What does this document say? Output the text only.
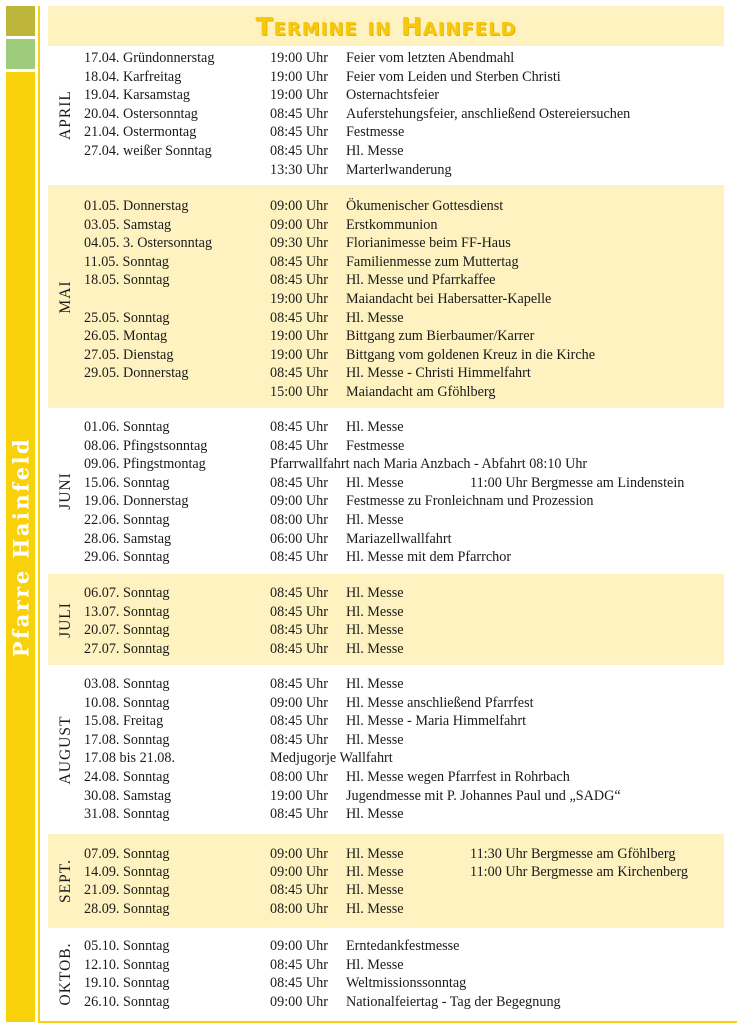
Pfarre Hainfeld
Termine in Hainfeld
APRIL
17.04. Gründonnerstag	19:00 Uhr Feier vom letzten Abendmahl
18.04. Karfreitag	19:00 Uhr Feier vom Leiden und Sterben Christi
19.04. Karsamstag	19:00 Uhr Osternachtsfeier
20.04. Ostersonntag	08:45 Uhr Auferstehungsfeier, anschließend Ostereiersuchen
21.04. Ostermontag	08:45 Uhr Festmesse
27.04. weißer Sonntag	08:45 Uhr Hl. Messe
13:30 Uhr Marterlwanderung
MAI
01.05. Donnerstag	09:00 Uhr Ökumenischer Gottesdienst
03.05. Samstag	09:00 Uhr Erstkommunion
04.05. 3. Ostersonntag	09:30 Uhr Florianimesse beim FF-Haus
11.05. Sonntag	08:45 Uhr Familienmesse zum Muttertag
18.05. Sonntag	08:45 Uhr Hl. Messe und Pfarrkaffee
19:00 Uhr Maiandacht bei Habersatter-Kapelle
25.05. Sonntag	08:45 Uhr Hl. Messe
26.05. Montag	19:00 Uhr Bittgang zum Bierbaumer/Karrer
27.05. Dienstag	19:00 Uhr Bittgang vom goldenen Kreuz in die Kirche
29.05. Donnerstag	08:45 Uhr Hl. Messe - Christi Himmelfahrt
15:00 Uhr Maiandacht am Gföhlberg
JUNI
01.06. Sonntag	08:45 Uhr Hl. Messe
08.06. Pfingstsonntag	08:45 Uhr Festmesse
09.06. Pfingstmontag	Pfarrwallfahrt nach Maria Anzbach - Abfahrt 08:10 Uhr
15.06. Sonntag	08:45 Uhr Hl. Messe	11:00 Uhr Bergmesse am Lindenstein
19.06. Donnerstag	09:00 Uhr Festmesse zu Fronleichnam und Prozession
22.06. Sonntag	08:00 Uhr Hl. Messe
28.06. Samstag	06:00 Uhr Mariazellwallfahrt
29.06. Sonntag	08:45 Uhr Hl. Messe mit dem Pfarrchor
JULI
06.07. Sonntag	08:45 Uhr Hl. Messe
13.07. Sonntag	08:45 Uhr Hl. Messe
20.07. Sonntag	08:45 Uhr Hl. Messe
27.07. Sonntag	08:45 Uhr Hl. Messe
AUGUST
03.08. Sonntag	08:45 Uhr Hl. Messe
10.08. Sonntag	09:00 Uhr Hl. Messe anschließend Pfarrfest
15.08. Freitag	08:45 Uhr Hl. Messe - Maria Himmelfahrt
17.08. Sonntag	08:45 Uhr Hl. Messe
17.08 bis 21.08.	Medjugorje Wallfahrt
24.08. Sonntag	08:00 Uhr Hl. Messe wegen Pfarrfest in Rohrbach
30.08. Samstag	19:00 Uhr Jugendmesse mit P. Johannes Paul und „SADG“
31.08. Sonntag	08:45 Uhr Hl. Messe
SEPT.
07.09. Sonntag	09:00 Uhr Hl. Messe	11:30 Uhr Bergmesse am Gföhlberg
14.09. Sonntag	09:00 Uhr Hl. Messe	11:00 Uhr Bergmesse am Kirchenberg
21.09. Sonntag	08:45 Uhr Hl. Messe
28.09. Sonntag	08:00 Uhr Hl. Messe
OKTOB. 05.10. Sonntag	09:00 Uhr Erntedankfestmesse
12.10. Sonntag	08:45 Uhr Hl. Messe
19.10. Sonntag	08:45 Uhr Weltmissionssonntag
26.10. Sonntag	09:00 Uhr Nationalfeiertag - Tag der Begegnung
